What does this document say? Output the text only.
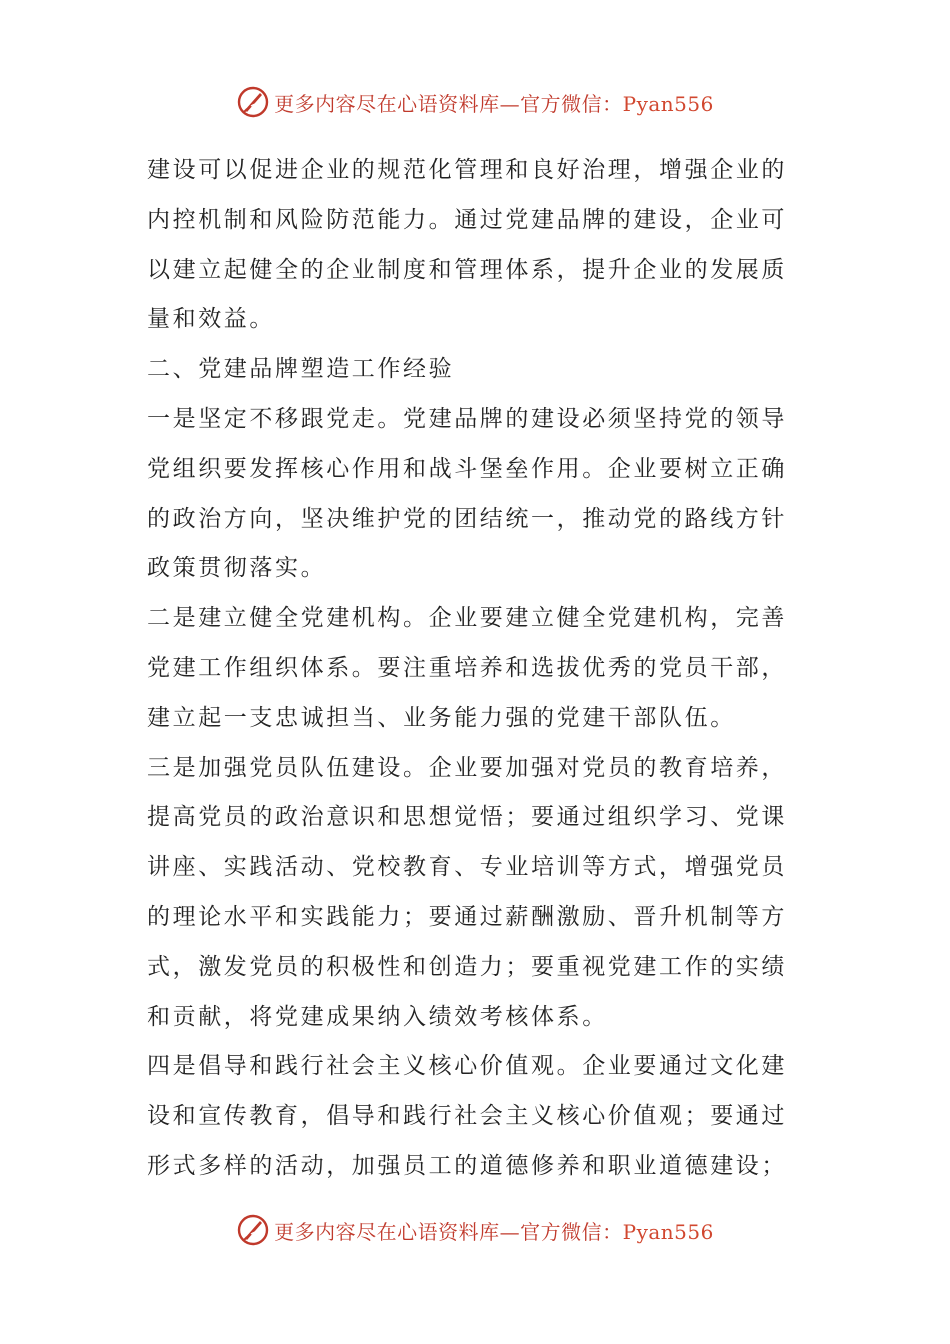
更多内容尽在心语资料库—官方微信：Pyan556
建设可以促进企业的规范化管理和良好治理，增强企业的
内控机制和风险防范能力。通过党建品牌的建设，企业可
以建立起健全的企业制度和管理体系，提升企业的发展质
量和效益。
二、党建品牌塑造工作经验
一是坚定不移跟党走。党建品牌的建设必须坚持党的领导
党组织要发挥核心作用和战斗堡垒作用。企业要树立正确
的政治方向，坚决维护党的团结统一，推动党的路线方针
政策贯彻落实。
二是建立健全党建机构。企业要建立健全党建机构，完善
党建工作组织体系。要注重培养和选拔优秀的党员干部，
建立起一支忠诚担当、业务能力强的党建干部队伍。
三是加强党员队伍建设。企业要加强对党员的教育培养，
提高党员的政治意识和思想觉悟；要通过组织学习、党课
讲座、实践活动、党校教育、专业培训等方式，增强党员
的理论水平和实践能力；要通过薪酬激励、晋升机制等方
式，激发党员的积极性和创造力；要重视党建工作的实绩
和贡献，将党建成果纳入绩效考核体系。
四是倡导和践行社会主义核心价值观。企业要通过文化建
设和宣传教育，倡导和践行社会主义核心价值观；要通过
形式多样的活动，加强员工的道德修养和职业道德建设；
更多内容尽在心语资料库—官方微信：Pyan556
